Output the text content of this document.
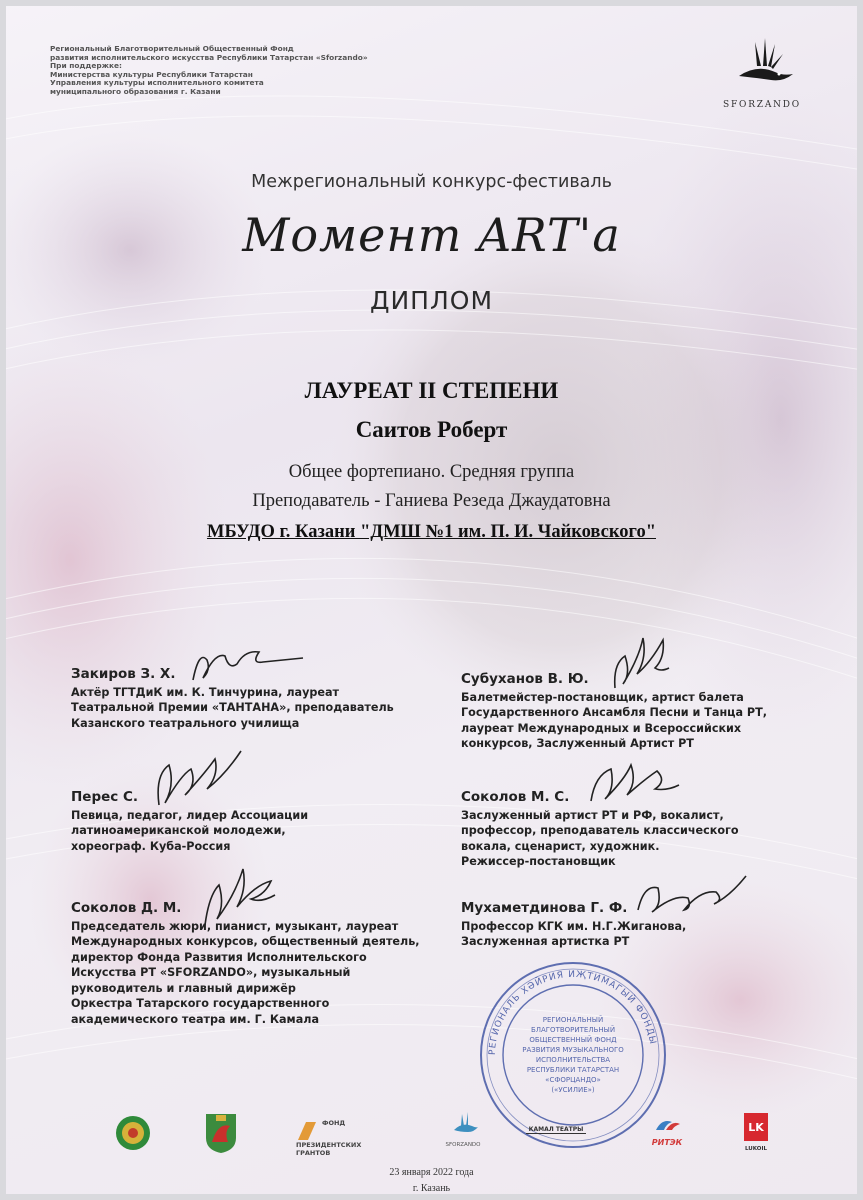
Региональный Благотворительный Общественный Фонд
развития исполнительского искусства Республики Татарстан «Sforzando»
При поддержке:
Министерства культуры Республики Татарстан
Управления культуры исполнительного комитета
муниципального образования г. Казани
SFORZANDO
Межрегиональный конкурс-фестиваль
Момент ART'а
ДИПЛОМ
ЛАУРЕАТ II СТЕПЕНИ
Саитов Роберт
Общее фортепиано. Средняя группа
Преподаватель - Ганиева Резеда Джаудатовна
МБУДО г. Казани "ДМШ №1 им. П. И. Чайковского"
Закиров З. Х.
Актёр ТГТДиК им. К. Тинчурина, лауреат
Театральной Премии «ТАНТАНА», преподаватель
Казанского театрального училища
Перес С.
Певица, педагог, лидер Ассоциации
латиноамериканской молодежи,
хореограф. Куба-Россия
Соколов Д. М.
Председатель жюри, пианист, музыкант, лауреат
Международных конкурсов, общественный деятель,
директор Фонда Развития Исполнительского
Искусства РТ «SFORZANDO», музыкальный
руководитель и главный дирижёр
Оркестра Татарского государственного
академического театра им. Г. Камала
Субуханов В. Ю.
Балетмейстер-постановщик, артист балета
Государственного Ансамбля Песни и Танца РТ,
лауреат Международных и Всероссийских
конкурсов, Заслуженный Артист РТ
Соколов М. С.
Заслуженный артист РТ и РФ, вокалист,
профессор, преподаватель классического
вокала, сценарист, художник.
Режиссер-постановщик
Мухаметдинова Г. Ф.
Профессор КГК им. Н.Г.Жиганова,
Заслуженная артистка РТ
РЕГИОНАЛЬ ХӘЙРИЯ ИҖТИМАГЫЙ ФОНДЫ
РЕГИОНАЛЬНЫЙ
БЛАГОТВОРИТЕЛЬНЫЙ
ОБЩЕСТВЕННЫЙ ФОНД
РАЗВИТИЯ МУЗЫКАЛЬНОГО
ИСПОЛНИТЕЛЬСТВА
РЕСПУБЛИКИ ТАТАРСТАН
«СФОРЦАНДО»
(«УСИЛИЕ»)
ФОНД ПРЕЗИДЕНТСКИХ ГРАНТОВ
SFORZANDO
КАМАЛ ТЕАТРЫ
РИТЭК
LK
LUKOIL
23 января 2022 года
г. Казань
